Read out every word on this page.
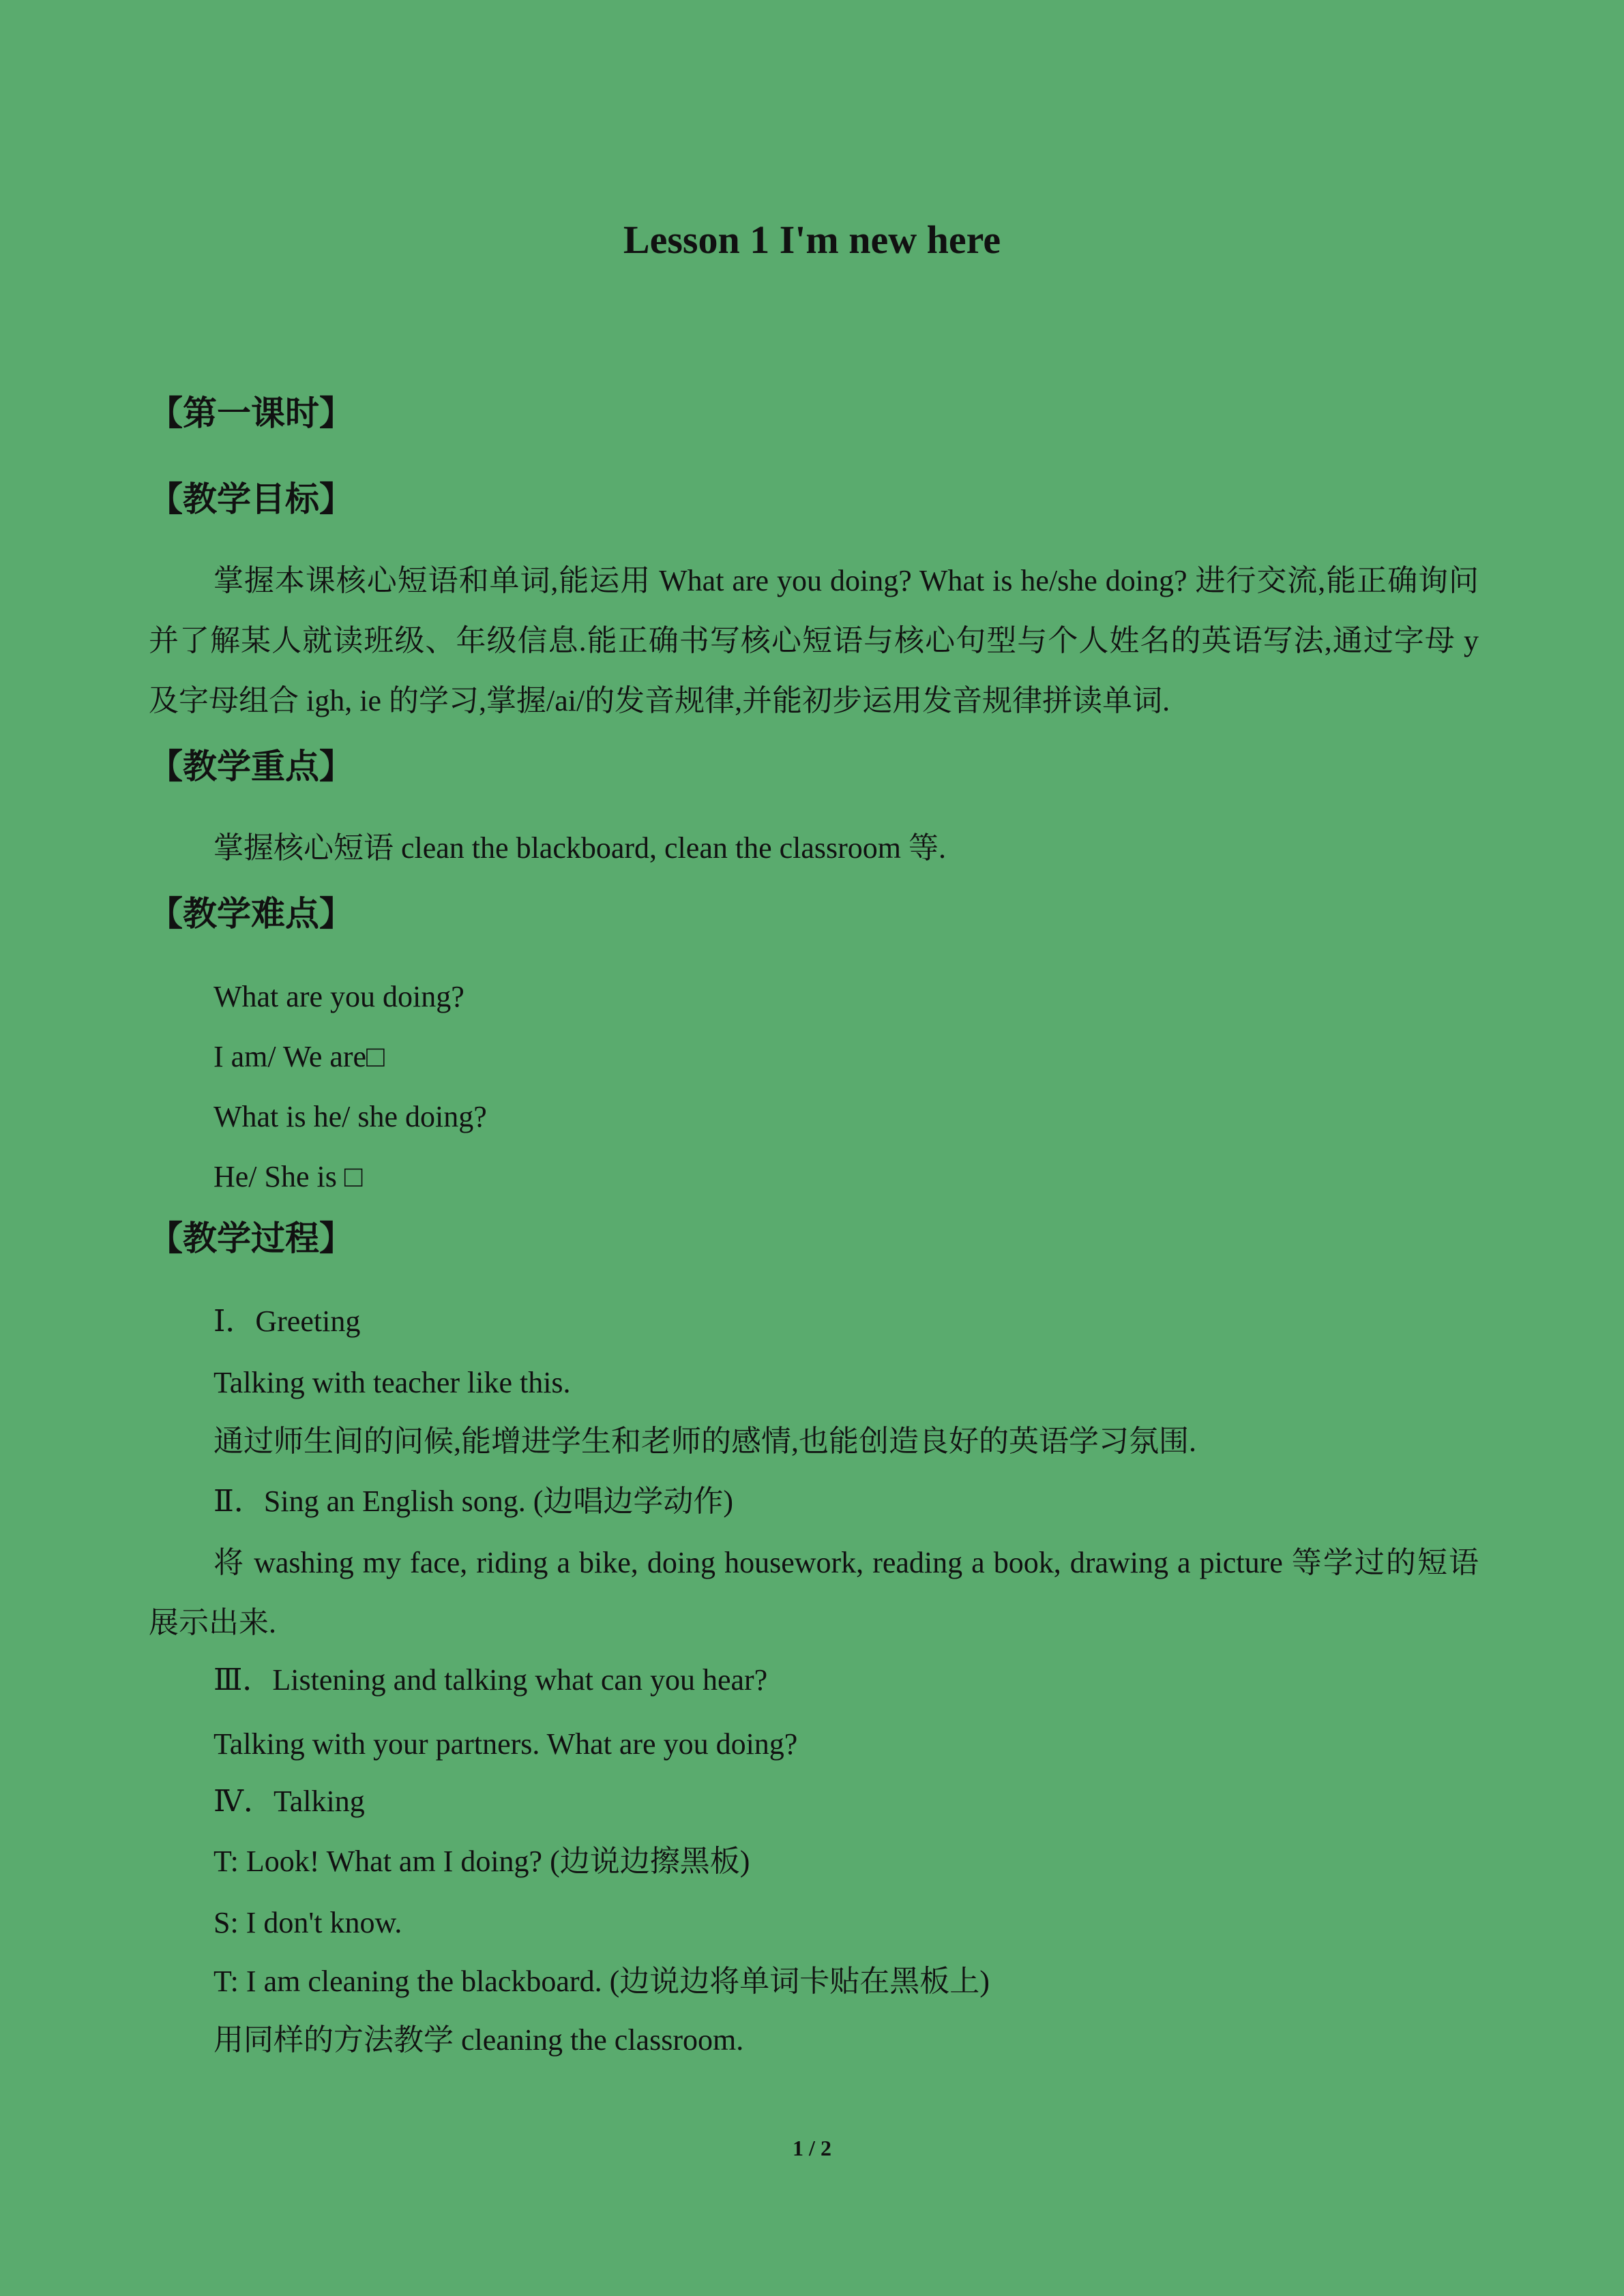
Lesson 1 I'm new here
【第一课时】
【教学目标】
掌握本课核心短语和单词,能运用 What are you doing? What is he/she doing? 进行交流,能正确询问并了解某人就读班级、年级信息.能正确书写核心短语与核心句型与个人姓名的英语写法,通过字母 y 及字母组合 igh, ie 的学习,掌握/ai/的发音规律,并能初步运用发音规律拼读单词.
【教学重点】
掌握核心短语 clean the blackboard, clean the classroom 等.
【教学难点】
What are you doing?
I am/ We are□
What is he/ she doing?
He/ She is □
【教学过程】
Ⅰ．Greeting
Talking with teacher like this.
通过师生间的问候,能增进学生和老师的感情,也能创造良好的英语学习氛围.
Ⅱ．Sing an English song. (边唱边学动作)
将 washing my face, riding a bike, doing housework, reading a book, drawing a picture 等学过的短语展示出来.
Ⅲ．Listening and talking what can you hear?
Talking with your partners. What are you doing?
Ⅳ．Talking
T: Look! What am I doing? (边说边擦黑板)
S: I don't know.
T: I am cleaning the blackboard. (边说边将单词卡贴在黑板上)
用同样的方法教学 cleaning the classroom.
1 / 2
